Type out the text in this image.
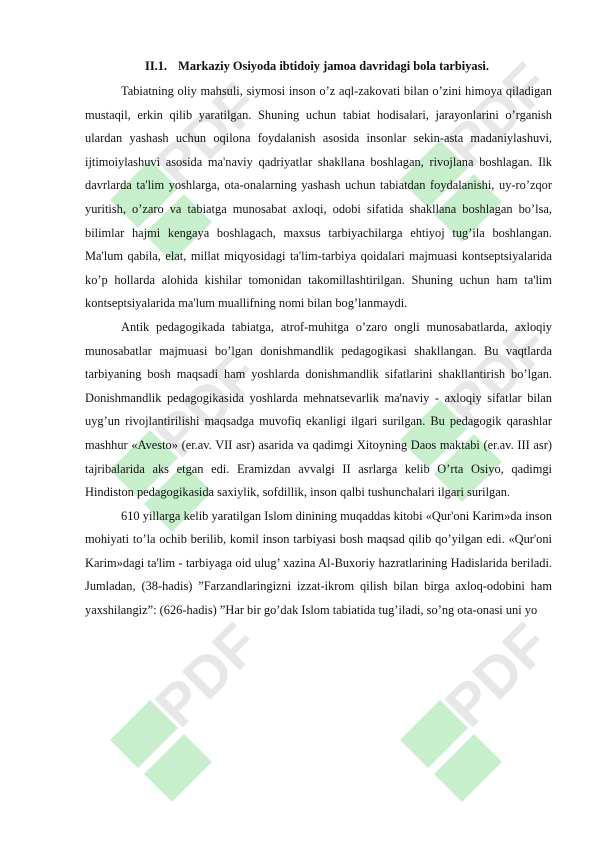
II.1. Markaziy Osiyoda ibtidoiy jamoa davridagi bola tarbiyasi.

Tabiatning oliy mahsuli, siymosi inson o’z aql-zakovati bilan o’zini himoya qiladigan mustaqil, erkin qilib yaratilgan. Shuning uchun tabiat hodisalari, jarayonlarini o’rganish ulardan yashash uchun oqilona foydalanish asosida insonlar sekin-asta madaniylashuvi, ijtimoiylashuvi asosida ma'naviy qadriyatlar shakllana boshlagan, rivojlana boshlagan. Ilk davrlarda ta'lim yoshlarga, ota-onalarning yashash uchun tabiatdan foydalanishi, uy-ro’zqor yuritish, o’zaro va tabiatga munosabat axloqi, odobi sifatida shakllana boshlagan bo’lsa, bilimlar hajmi kengaya boshlagach, maxsus tarbiyachilarga ehtiyoj tug’ila boshlangan. Ma'lum qabila, elat, millat miqyosidagi ta'lim-tarbiya qoidalari majmuasi kontseptsiyalarida ko’p hollarda alohida kishilar tomonidan takomillashtirilgan. Shuning uchun ham ta'lim kontseptsiyalarida ma'lum muallifning nomi bilan bog’lanmaydi.

Antik pedagogikada tabiatga, atrof-muhitga o’zaro ongli munosabatlarda, axloqiy munosabatlar majmuasi bo’lgan donishmandlik pedagogikasi shakllangan. Bu vaqtlarda tarbiyaning bosh maqsadi ham yoshlarda donishmandlik sifatlarini shakllantirish bo’lgan. Donishmandlik pedagogikasida yoshlarda mehnatsevarlik ma'naviy - axloqiy sifatlar bilan uyg’un rivojlantirilishi maqsadga muvofiq ekanligi ilgari surilgan. Bu pedagogik qarashlar mashhur «Avesto» (er.av. VII asr) asarida va qadimgi Xitoyning Daos maktabi (er.av. III asr) tajribalarida aks etgan edi. Eramizdan avvalgi II asrlarga kelib O’rta Osiyo, qadimgi Hindiston pedagogikasida saxiylik, sofdillik, inson qalbi tushunchalari ilgari surilgan.

610 yillarga kelib yaratilgan Islom dinining muqaddas kitobi «Qur'oni Karim»da inson mohiyati to’la ochib berilib, komil inson tarbiyasi bosh maqsad qilib qo’yilgan edi. «Qur'oni Karim»dagi ta'lim - tarbiyaga oid ulug’ xazina Al-Buxoriy hazratlarining Hadislarida beriladi. Jumladan, (38-hadis) ”Farzandlaringizni izzat-ikrom qilish bilan birga axloq-odobini ham yaxshilangiz”: (626-hadis) ”Har bir go’dak Islom tabiatida tug’iladi, so’ng ota-onasi uni yo
